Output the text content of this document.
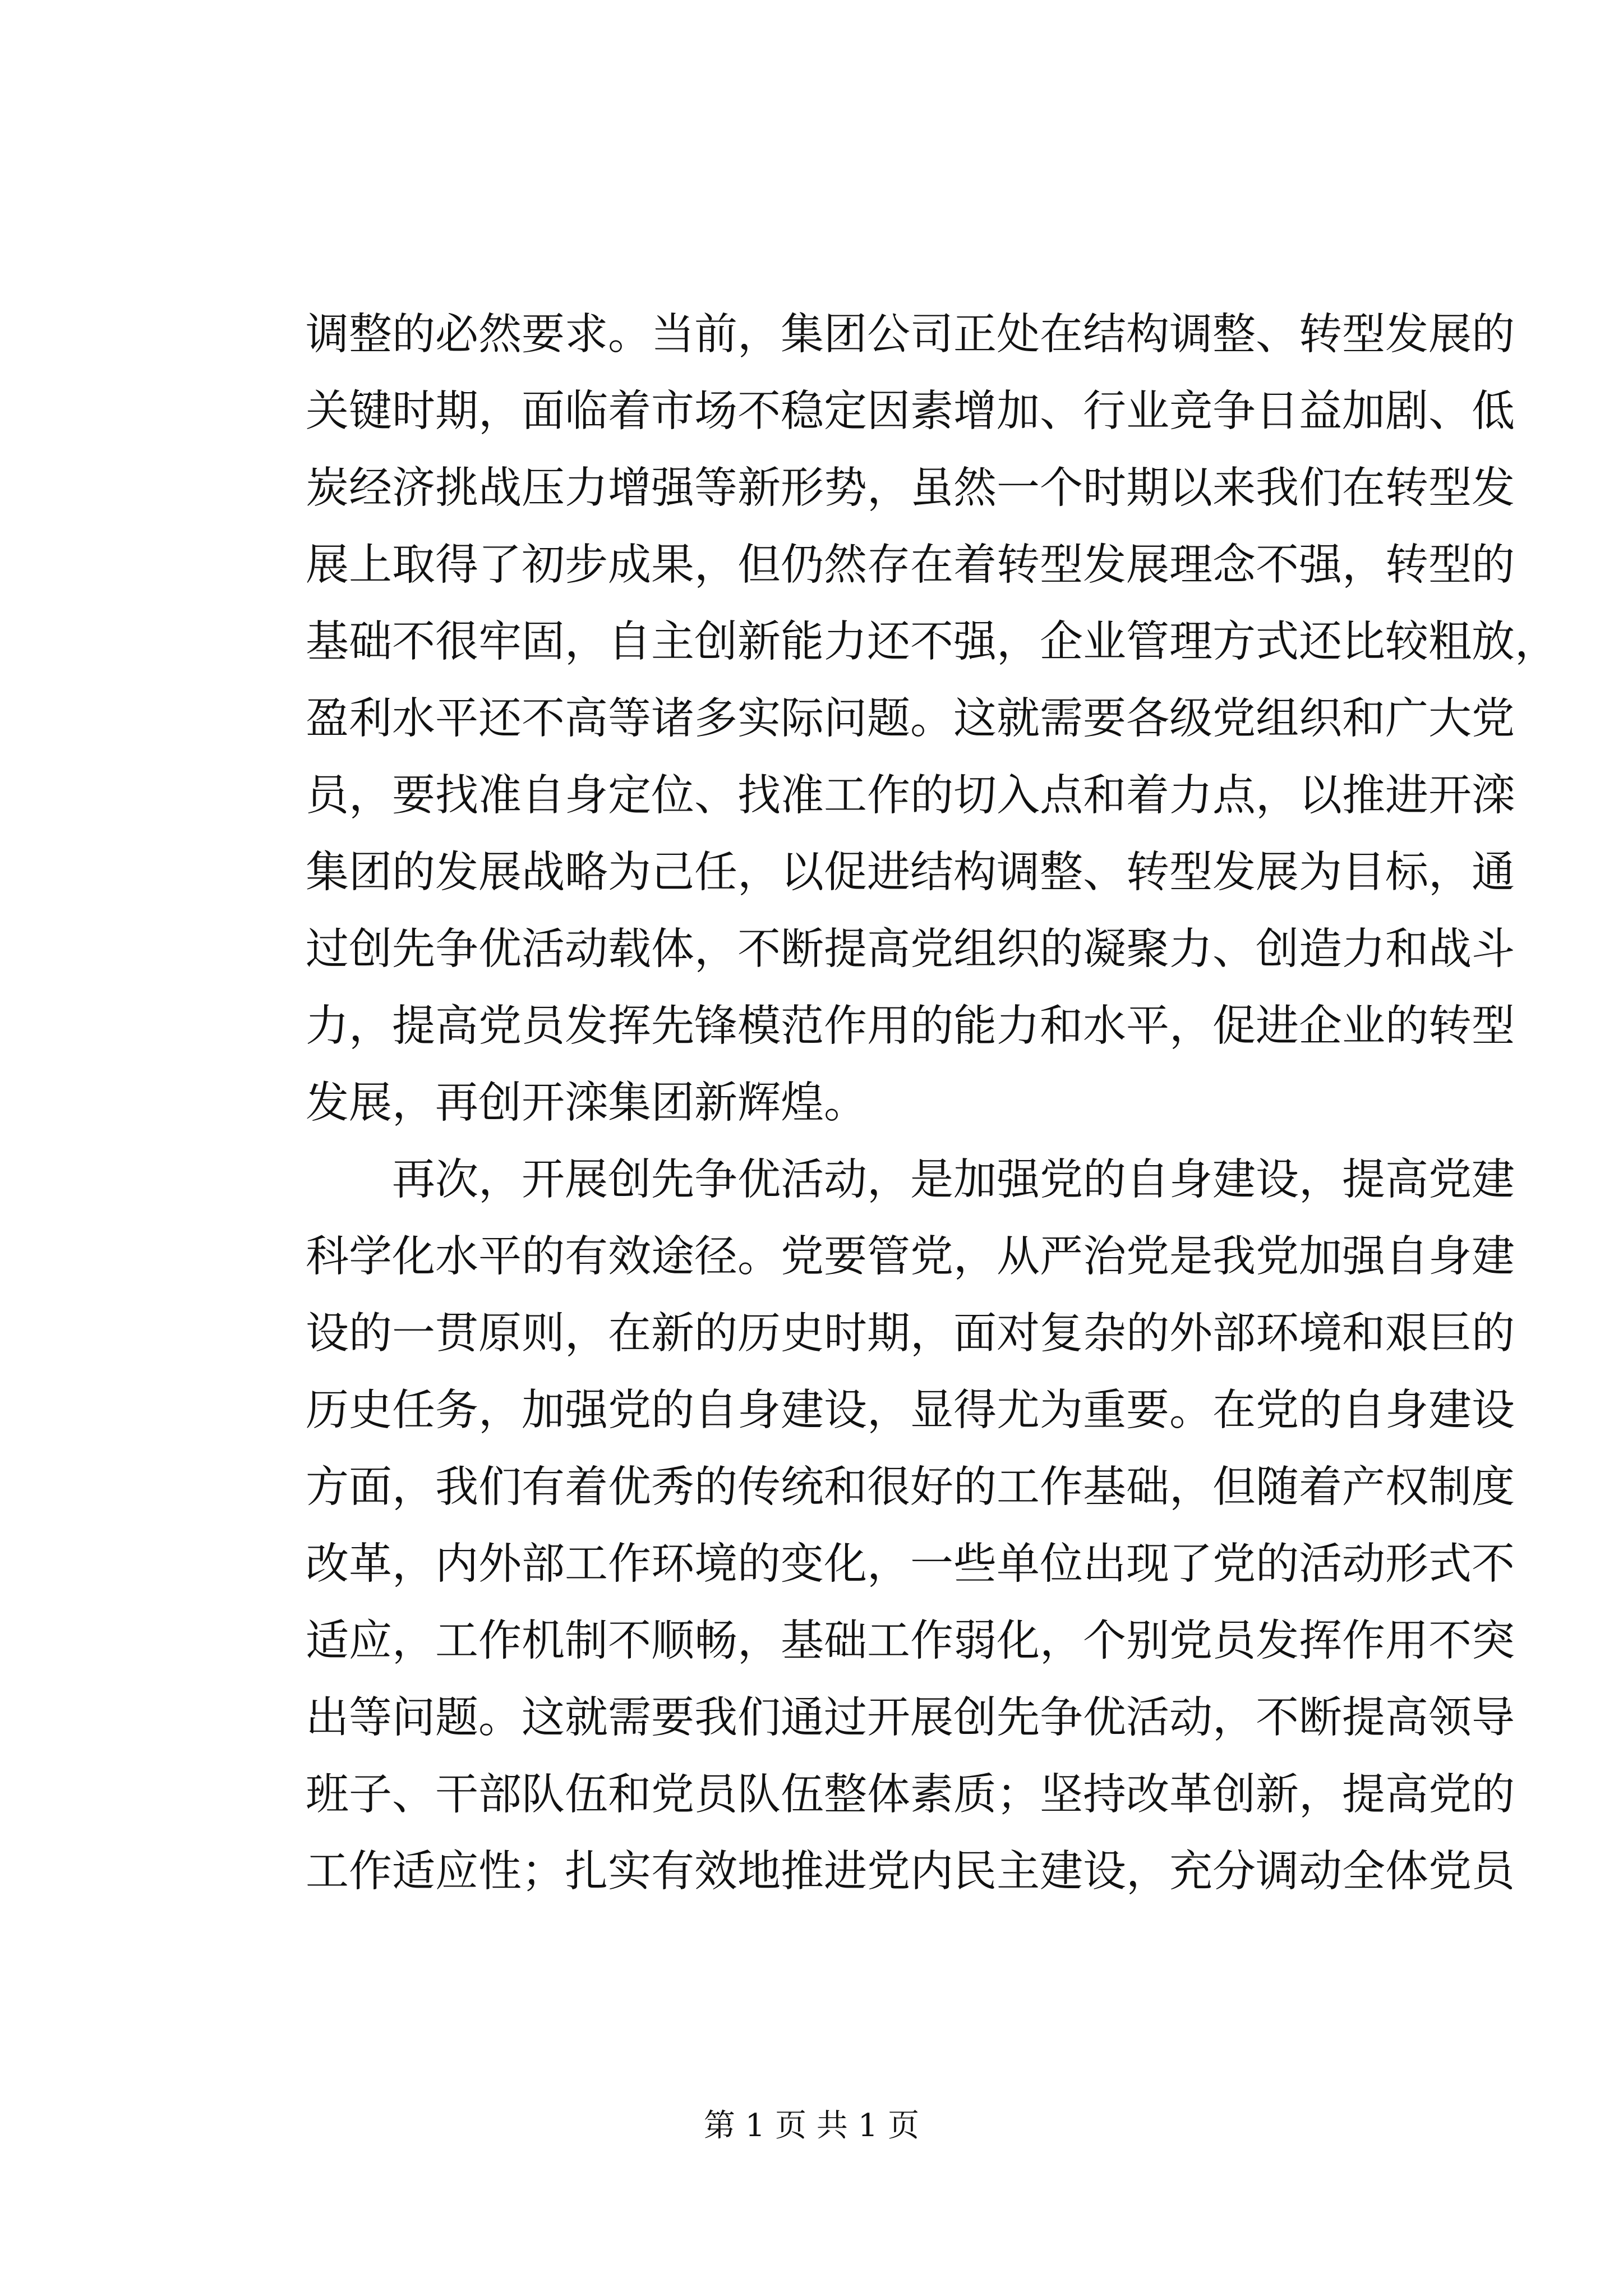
调整的必然要求。当前，集团公司正处在结构调整、转型发展的
关键时期，面临着市场不稳定因素增加、行业竞争日益加剧、低
炭经济挑战压力增强等新形势，虽然一个时期以来我们在转型发
展上取得了初步成果，但仍然存在着转型发展理念不强，转型的
基础不很牢固，自主创新能力还不强，企业管理方式还比较粗放，
盈利水平还不高等诸多实际问题。这就需要各级党组织和广大党
员，要找准自身定位、找准工作的切入点和着力点，以推进开滦
集团的发展战略为己任，以促进结构调整、转型发展为目标，通
过创先争优活动载体，不断提高党组织的凝聚力、创造力和战斗
力，提高党员发挥先锋模范作用的能力和水平，促进企业的转型
发展，再创开滦集团新辉煌。
　　再次，开展创先争优活动，是加强党的自身建设，提高党建
科学化水平的有效途径。党要管党，从严治党是我党加强自身建
设的一贯原则，在新的历史时期，面对复杂的外部环境和艰巨的
历史任务，加强党的自身建设，显得尤为重要。在党的自身建设
方面，我们有着优秀的传统和很好的工作基础，但随着产权制度
改革，内外部工作环境的变化，一些单位出现了党的活动形式不
适应，工作机制不顺畅，基础工作弱化，个别党员发挥作用不突
出等问题。这就需要我们通过开展创先争优活动，不断提高领导
班子、干部队伍和党员队伍整体素质；坚持改革创新，提高党的
工作适应性；扎实有效地推进党内民主建设，充分调动全体党员
第 1 页 共 1 页
